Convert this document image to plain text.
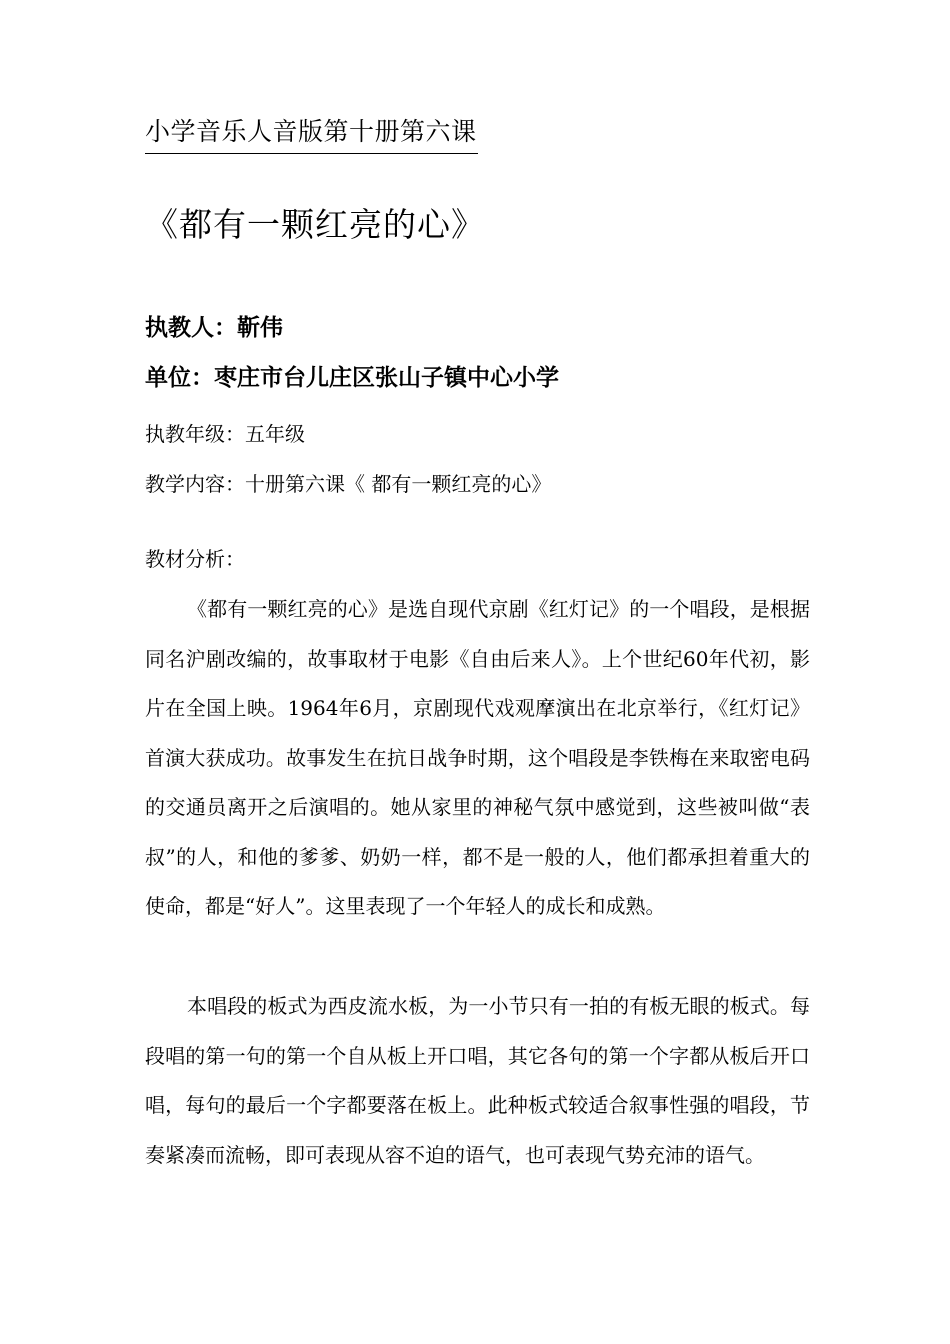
小学音乐人音版第十册第六课
《都有一颗红亮的心》
执教人：靳伟
单位：枣庄市台儿庄区张山子镇中心小学
执教年级：五年级
教学内容：十册第六课《 都有一颗红亮的心》
教材分析：

《都有一颗红亮的心》是选自现代京剧《红灯记》的一个唱段，是根据同名沪剧改编的，故事取材于电影《自由后来人》。上个世纪60年代初，影片在全国上映。1964年6月，京剧现代戏观摩演出在北京举行，《红灯记》首演大获成功。故事发生在抗日战争时期，这个唱段是李铁梅在来取密电码的交通员离开之后演唱的。她从家里的神秘气氛中感觉到，这些被叫做“表叔”的人，和他的爹爹、奶奶一样，都不是一般的人，他们都承担着重大的使命，都是“好人”。这里表现了一个年轻人的成长和成熟。

本唱段的板式为西皮流水板，为一小节只有一拍的有板无眼的板式。每段唱的第一句的第一个自从板上开口唱，其它各句的第一个字都从板后开口唱，每句的最后一个字都要落在板上。此种板式较适合叙事性强的唱段，节奏紧凑而流畅，即可表现从容不迫的语气，也可表现气势充沛的语气。
